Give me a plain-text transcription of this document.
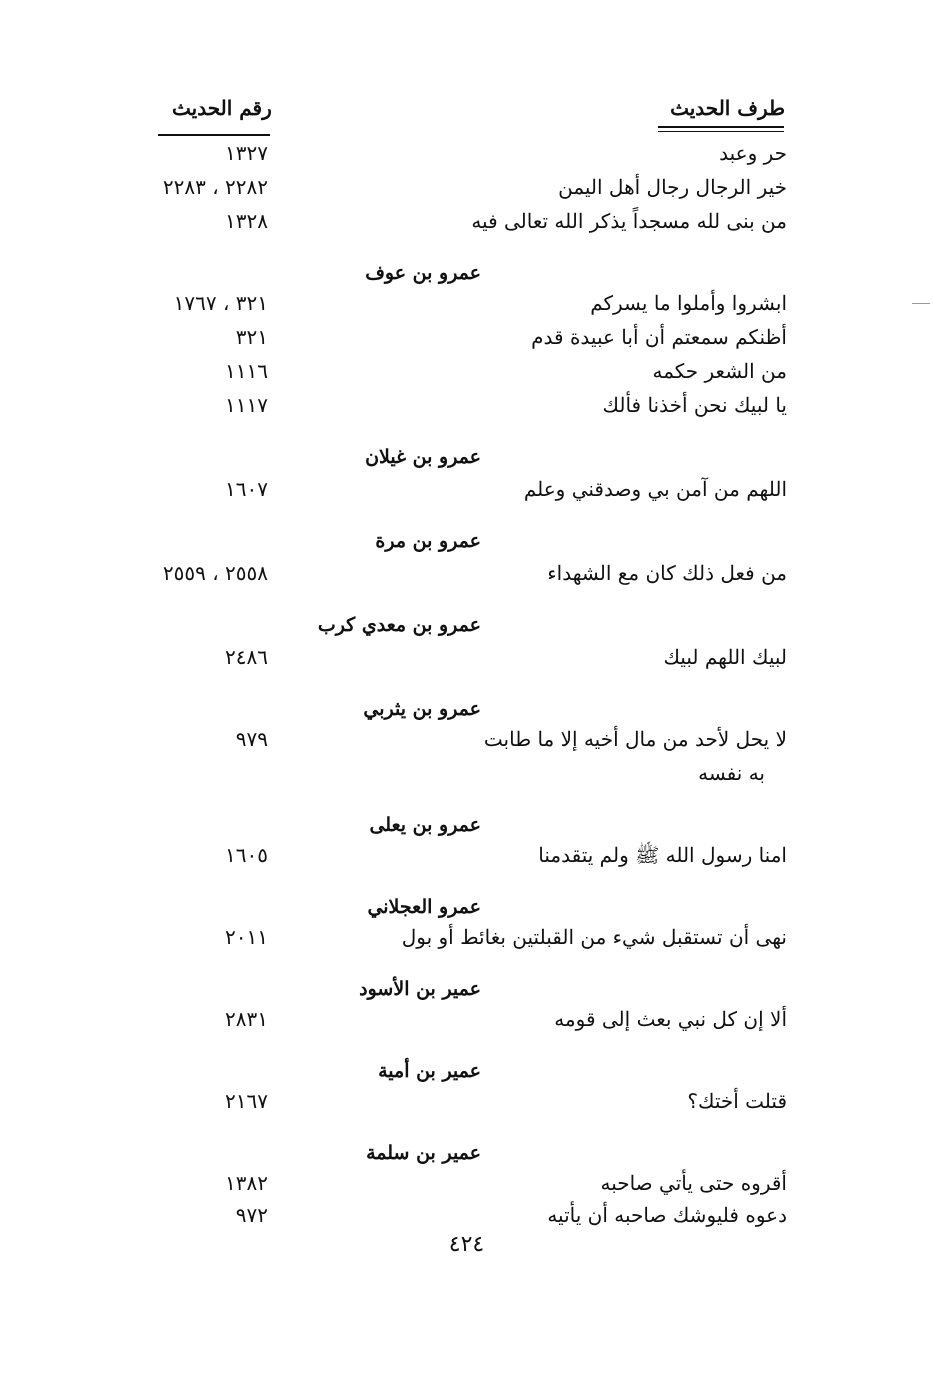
طرف الحديث
رقم الحديث
حر وعبد
١٣٢٧
خير الرجال رجال أهل اليمن
٢٢٨٢ ، ٢٢٨٣
من بنى لله مسجداً يذكر الله تعالى فيه
١٣٢٨
عمرو بن عوف
ابشروا وأملوا ما يسركم
٣٢١ ، ١٧٦٧
أظنكم سمعتم أن أبا عبيدة قدم
٣٢١
من الشعر حكمه
١١١٦
يا لبيك نحن أخذنا فألك
١١١٧
عمرو بن غيلان
اللهم من آمن بي وصدقني وعلم
١٦٠٧
عمرو بن مرة
من فعل ذلك كان مع الشهداء
٢٥٥٨ ، ٢٥٥٩
عمرو بن معدي كرب
لبيك اللهم لبيك
٢٤٨٦
عمرو بن يثربي
لا يحل لأحد من مال أخيه إلا ما طابت
٩٧٩
به نفسه
عمرو بن يعلى
امنا رسول الله ﷺ ولم يتقدمنا
١٦٠٥
عمرو العجلاني
نهى أن تستقبل شيء من القبلتين بغائط أو بول
٢٠١١
عمير بن الأسود
ألا إن كل نبي بعث إلى قومه
٢٨٣١
عمير بن أمية
قتلت أختك؟
٢١٦٧
عمير بن سلمة
أقروه حتى يأتي صاحبه
١٣٨٢
دعوه فليوشك صاحبه أن يأتيه
٩٧٢
٤٢٤
